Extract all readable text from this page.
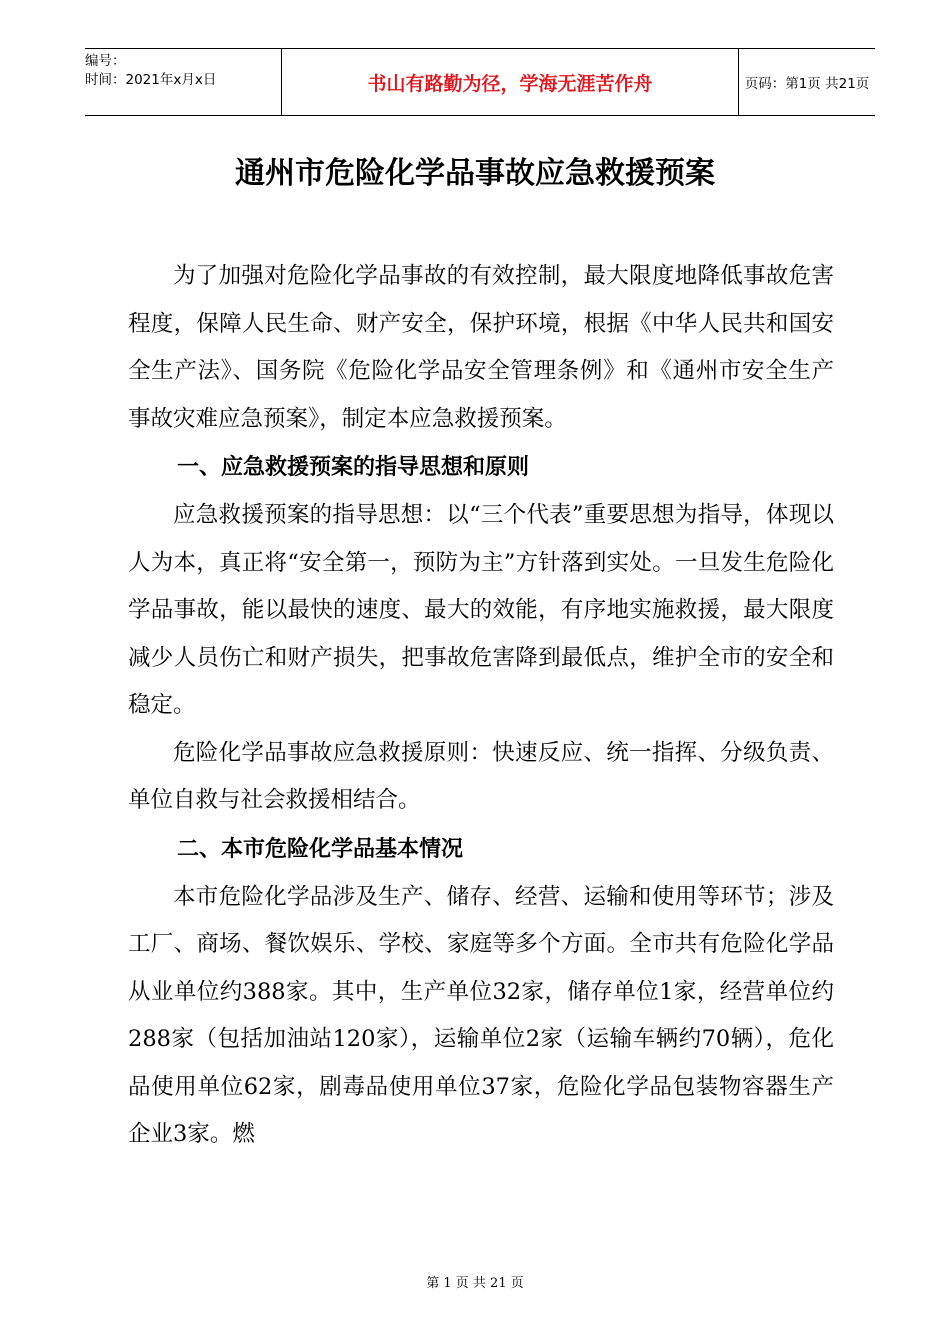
编号：
时间：2021年x月x日	书山有路勤为径，学海无涯苦作舟	页码：第1页 共21页
通州市危险化学品事故应急救援预案

为了加强对危险化学品事故的有效控制，最大限度地降低事故危害程度，保障人民生命、财产安全，保护环境，根据《中华人民共和国安全生产法》、国务院《危险化学品安全管理条例》和《通州市安全生产事故灾难应急预案》，制定本应急救援预案。

一、应急救援预案的指导思想和原则

应急救援预案的指导思想：以“三个代表”重要思想为指导，体现以人为本，真正将“安全第一，预防为主”方针落到实处。一旦发生危险化学品事故，能以最快的速度、最大的效能，有序地实施救援，最大限度减少人员伤亡和财产损失，把事故危害降到最低点，维护全市的安全和稳定。

危险化学品事故应急救援原则：快速反应、统一指挥、分级负责、单位自救与社会救援相结合。

二、本市危险化学品基本情况

本市危险化学品涉及生产、储存、经营、运输和使用等环节；涉及工厂、商场、餐饮娱乐、学校、家庭等多个方面。全市共有危险化学品从业单位约388家。其中，生产单位32家，储存单位1家，经营单位约288家（包括加油站120家），运输单位2家（运输车辆约70辆），危化品使用单位62家，剧毒品使用单位37家，危险化学品包装物容器生产企业3家。燃

第 1 页 共 21 页
